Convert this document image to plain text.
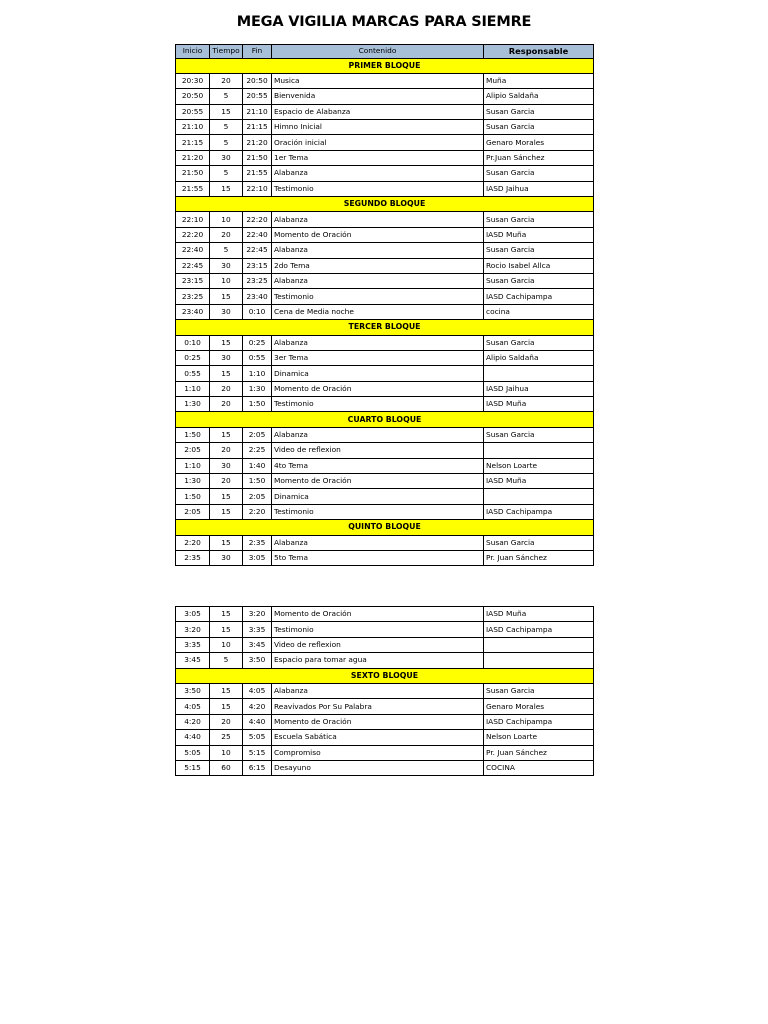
MEGA VIGILIA MARCAS PARA SIEMRE
Inicio	Tiempo	Fin	Contenido	Responsable
PRIMER BLOQUE				
20:30	20	20:50	Musica	Muña
20:50	5	20:55	Bienvenida	Alipio Saldaña
20:55	15	21:10	Espacio de Alabanza	Susan Garcia
21:10	5	21:15	Himno Inicial	Susan Garcia
21:15	5	21:20	Oración inicial	Genaro Morales
21:20	30	21:50	1er Tema	Pr.Juan Sánchez
21:50	5	21:55	Alabanza	Susan Garcia
21:55	15	22:10	Testimonio	IASD Jaihua
SEGUNDO BLOQUE				
22:10	10	22:20	Alabanza	Susan Garcia
22:20	20	22:40	Momento de Oración	IASD Muña
22:40	5	22:45	Alabanza	Susan Garcia
22:45	30	23:15	2do Tema	Rocio Isabel Allca
23:15	10	23:25	Alabanza	Susan Garcia
23:25	15	23:40	Testimonio	IASD Cachipampa
23:40	30	0:10	Cena de Media noche	cocina
TERCER BLOQUE				
0:10	15	0:25	Alabanza	Susan Garcia
0:25	30	0:55	3er Tema	Alipio Saldaña
0:55	15	1:10	Dinamica	
1:10	20	1:30	Momento de Oración	IASD Jaihua
1:30	20	1:50	Testimonio	IASD Muña
CUARTO BLOQUE				
1:50	15	2:05	Alabanza	Susan Garcia
2:05	20	2:25	Video de reflexion	
1:10	30	1:40	4to Tema	Nelson Loarte
1:30	20	1:50	Momento de Oración	IASD Muña
1:50	15	2:05	Dinamica	
2:05	15	2:20	Testimonio	IASD Cachipampa
QUINTO BLOQUE				
2:20	15	2:35	Alabanza	Susan Garcia
2:35	30	3:05	5to Tema	Pr. Juan Sánchez
3:05	15	3:20	Momento de Oración	IASD Muña
3:20	15	3:35	Testimonio	IASD Cachipampa
3:35	10	3:45	Video de reflexion	
3:45	5	3:50	Espacio para tomar agua	
SEXTO BLOQUE				
3:50	15	4:05	Alabanza	Susan Garcia
4:05	15	4:20	Reavivados Por Su Palabra	Genaro Morales
4:20	20	4:40	Momento de Oración	IASD Cachipampa
4:40	25	5:05	Escuela Sabática	Nelson Loarte
5:05	10	5:15	Compromiso	Pr. Juan Sánchez
5:15	60	6:15	Desayuno	COCINA
